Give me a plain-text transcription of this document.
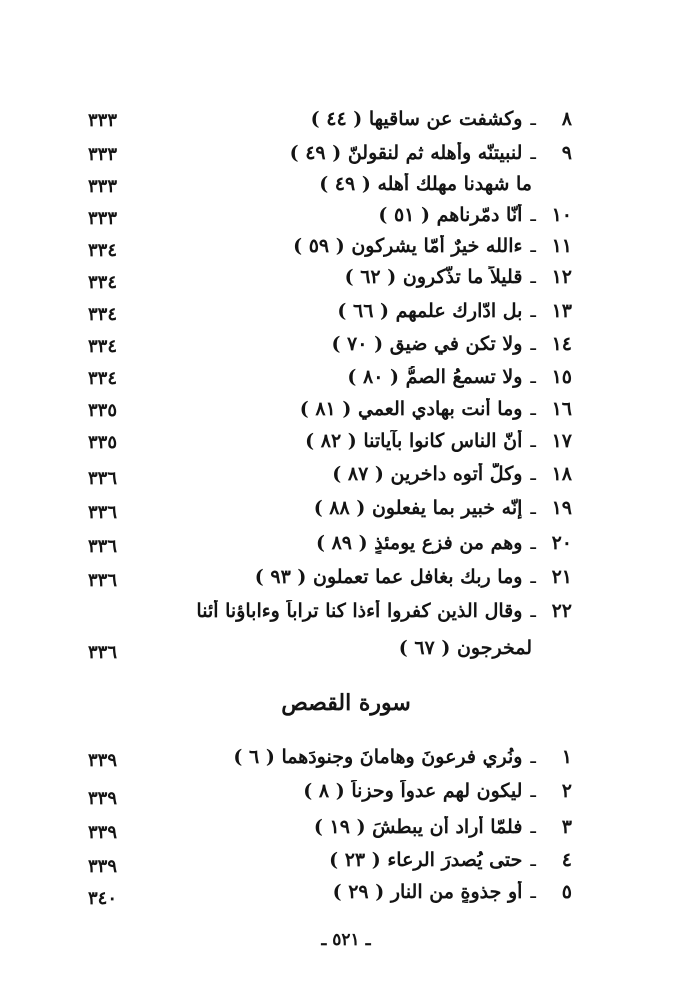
٨
ـ
وكشفت عن ساقيها ( ٤٤ )
٣٣٣
٩
ـ
لنبيتنّه وأهله ثم لنقولنّ ( ٤٩ )
٣٣٣
ما شهدنا مهلك أهله ( ٤٩ )
٣٣٣
١٠
ـ
أنّا دمّرناهم ( ٥١ )
٣٣٣
١١
ـ
ءالله خيرٌ أمّا يشركون ( ٥٩ )
٣٣٤
١٢
ـ
قليلاً ما تذّكرون ( ٦٢ )
٣٣٤
١٣
ـ
بل ادّارك علمهم ( ٦٦ )
٣٣٤
١٤
ـ
ولا تكن في ضيقٍ ( ٧٠ )
٣٣٤
١٥
ـ
ولا تسمعُ الصمُّ ( ٨٠ )
٣٣٤
١٦
ـ
وما أنت بهادي العمي ( ٨١ )
٣٣٥
١٧
ـ
أنّ الناس كانوا بآياتنا ( ٨٢ )
٣٣٥
١٨
ـ
وكلٌّ أتوه داخرين ( ٨٧ )
٣٣٦
١٩
ـ
إنّه خبير بما يفعلون ( ٨٨ )
٣٣٦
٢٠
ـ
وهم من فزعٍ يومئذٍ ( ٨٩ )
٣٣٦
٢١
ـ
وما ربك بغافل عما تعملون ( ٩٣ )
٣٣٦
٢٢
ـ
وقال الذين كفروا أءذا كنا تراباً وءاباؤنا أئنا
لمخرجون ( ٦٧ )
٣٣٦
سورة القصص
١
ـ
ونُري فرعونَ وهامانَ وجنودَهما ( ٦ )
٣٣٩
٢
ـ
ليكون لهم عدواً وحزناً ( ٨ )
٣٣٩
٣
ـ
فلمّا أراد أن يبطشَ ( ١٩ )
٣٣٩
٤
ـ
حتى يُصدرَ الرعاء ( ٢٣ )
٣٣٩
٥
ـ
أو جذوةٍ من النار ( ٢٩ )
٣٤٠
ـ ٥٢١ ـ
